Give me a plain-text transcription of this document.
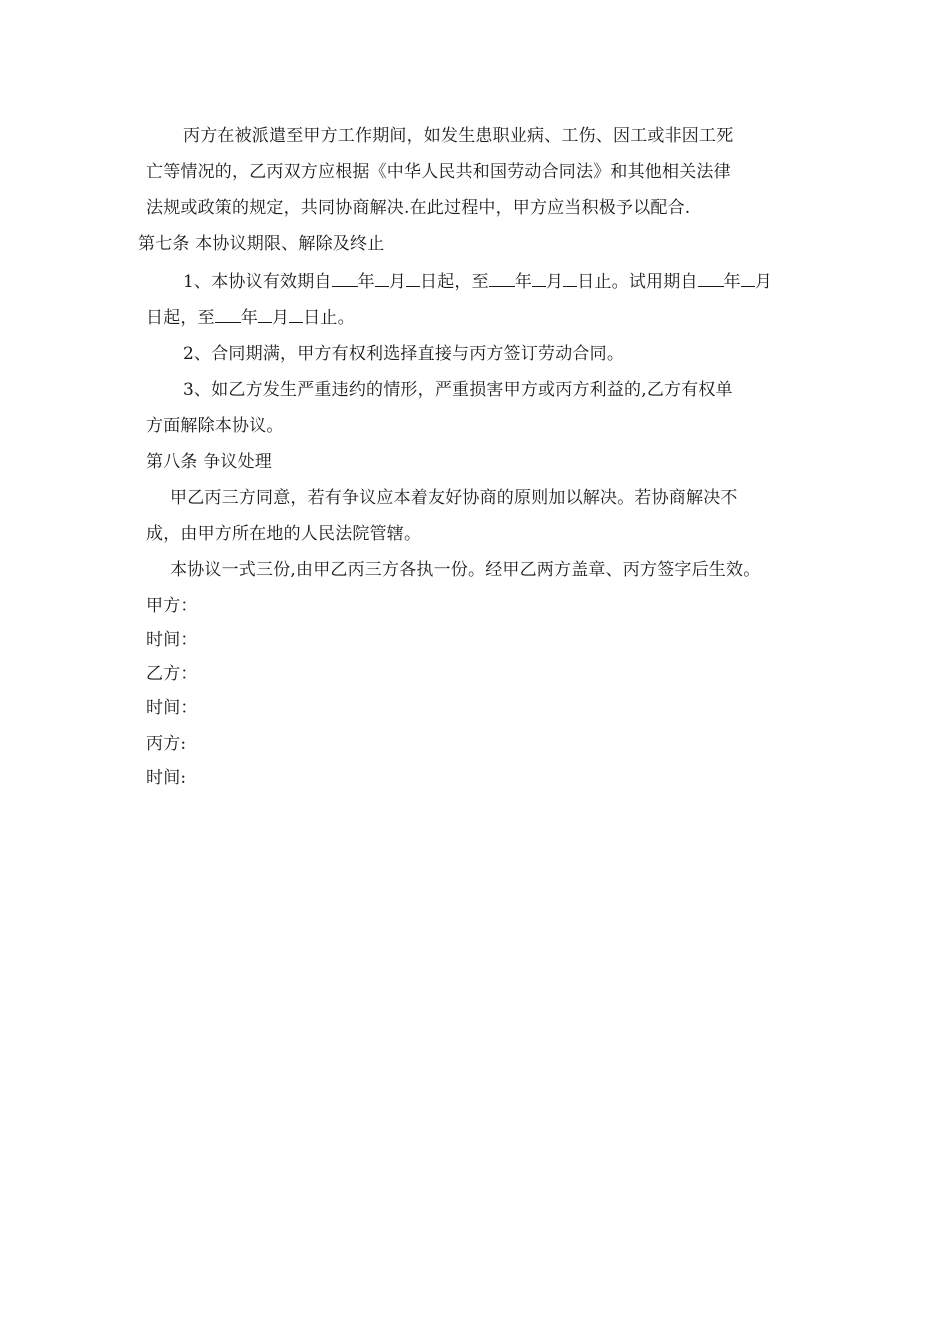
丙方在被派遣至甲方工作期间，如发生患职业病、工伤、因工或非因工死
亡等情况的，乙丙双方应根据《中华人民共和国劳动合同法》和其他相关法律
法规或政策的规定，共同协商解决.在此过程中，甲方应当积极予以配合.
第七条 本协议期限、解除及终止
1、本协议有效期自 年 月 日起，至 年 月 日止。试用期自 年 月
日起，至 年 月 日止。
2、合同期满，甲方有权利选择直接与丙方签订劳动合同。
3、如乙方发生严重违约的情形，严重损害甲方或丙方利益的,乙方有权单
方面解除本协议。
第八条 争议处理
甲乙丙三方同意，若有争议应本着友好协商的原则加以解决。若协商解决不
成，由甲方所在地的人民法院管辖。
本协议一式三份,由甲乙丙三方各执一份。经甲乙两方盖章、丙方签字后生效。
甲方：
时间：
乙方：
时间：
丙方:
时间:
